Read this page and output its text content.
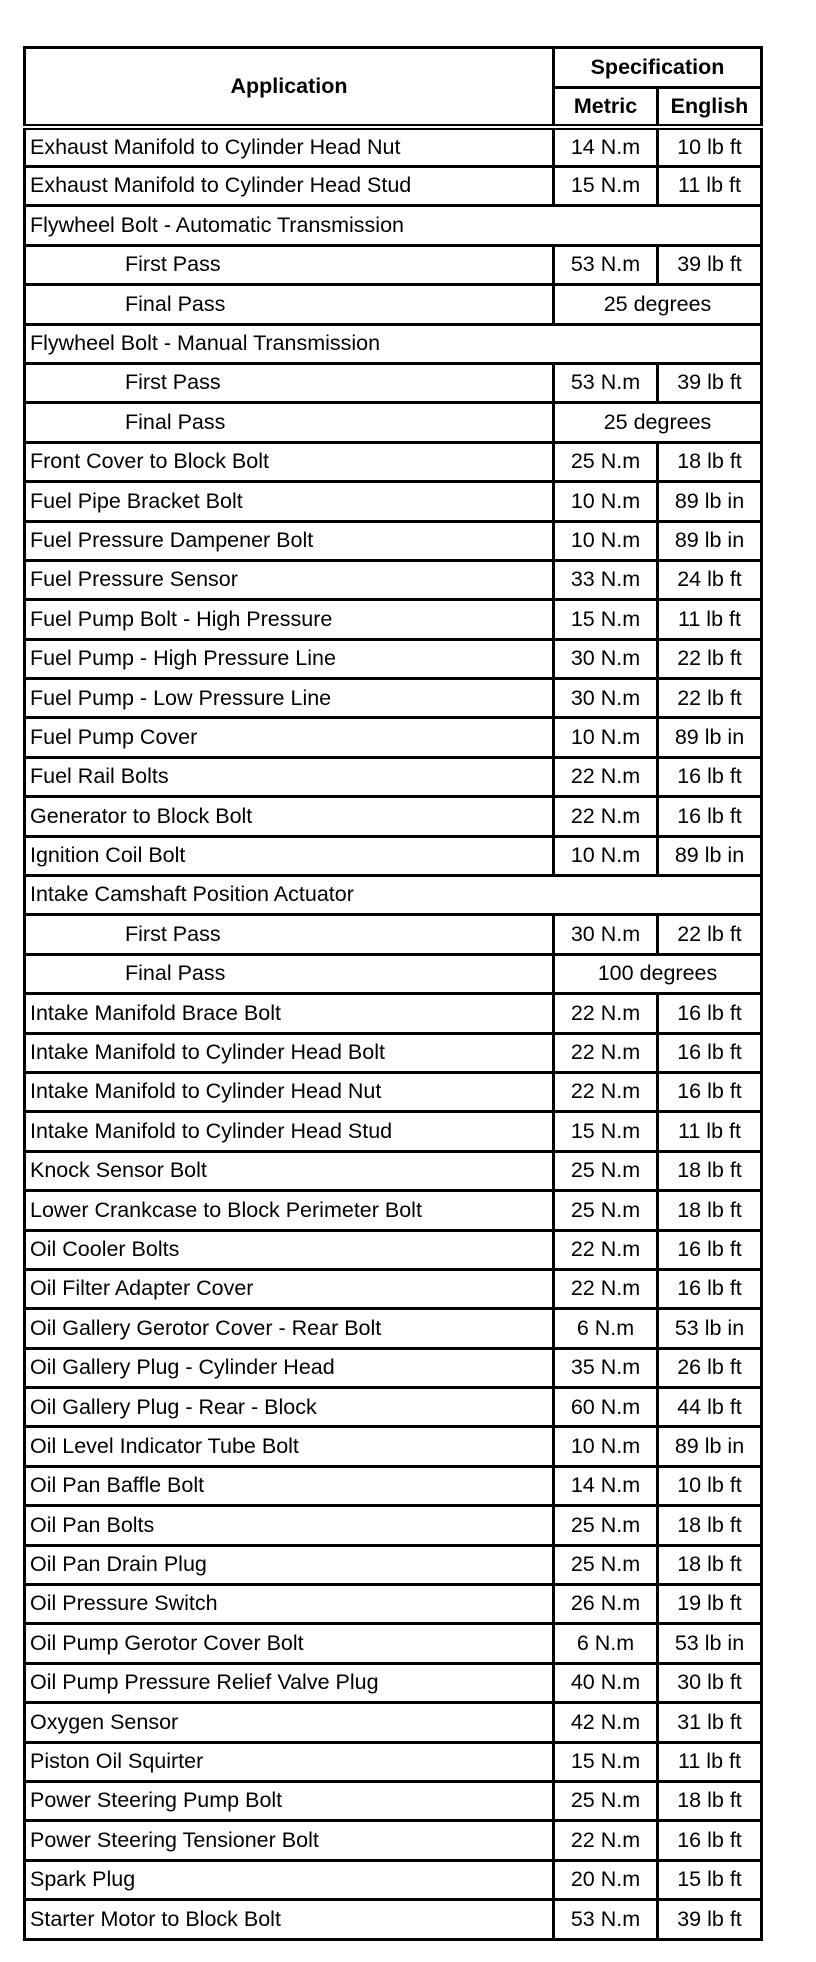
Application	Specification	
	Metric	English
Exhaust Manifold to Cylinder Head Nut	14 N.m	10 lb ft
Exhaust Manifold to Cylinder Head Stud	15 N.m	11 lb ft
Flywheel Bolt - Automatic Transmission		
First Pass	53 N.m	39 lb ft
Final Pass	25 degrees	
Flywheel Bolt - Manual Transmission		
First Pass	53 N.m	39 lb ft
Final Pass	25 degrees	
Front Cover to Block Bolt	25 N.m	18 lb ft
Fuel Pipe Bracket Bolt	10 N.m	89 lb in
Fuel Pressure Dampener Bolt	10 N.m	89 lb in
Fuel Pressure Sensor	33 N.m	24 lb ft
Fuel Pump Bolt - High Pressure	15 N.m	11 lb ft
Fuel Pump - High Pressure Line	30 N.m	22 lb ft
Fuel Pump - Low Pressure Line	30 N.m	22 lb ft
Fuel Pump Cover	10 N.m	89 lb in
Fuel Rail Bolts	22 N.m	16 lb ft
Generator to Block Bolt	22 N.m	16 lb ft
Ignition Coil Bolt	10 N.m	89 lb in
Intake Camshaft Position Actuator		
First Pass	30 N.m	22 lb ft
Final Pass	100 degrees	
Intake Manifold Brace Bolt	22 N.m	16 lb ft
Intake Manifold to Cylinder Head Bolt	22 N.m	16 lb ft
Intake Manifold to Cylinder Head Nut	22 N.m	16 lb ft
Intake Manifold to Cylinder Head Stud	15 N.m	11 lb ft
Knock Sensor Bolt	25 N.m	18 lb ft
Lower Crankcase to Block Perimeter Bolt	25 N.m	18 lb ft
Oil Cooler Bolts	22 N.m	16 lb ft
Oil Filter Adapter Cover	22 N.m	16 lb ft
Oil Gallery Gerotor Cover - Rear Bolt	6 N.m	53 lb in
Oil Gallery Plug - Cylinder Head	35 N.m	26 lb ft
Oil Gallery Plug - Rear - Block	60 N.m	44 lb ft
Oil Level Indicator Tube Bolt	10 N.m	89 lb in
Oil Pan Baffle Bolt	14 N.m	10 lb ft
Oil Pan Bolts	25 N.m	18 lb ft
Oil Pan Drain Plug	25 N.m	18 lb ft
Oil Pressure Switch	26 N.m	19 lb ft
Oil Pump Gerotor Cover Bolt	6 N.m	53 lb in
Oil Pump Pressure Relief Valve Plug	40 N.m	30 lb ft
Oxygen Sensor	42 N.m	31 lb ft
Piston Oil Squirter	15 N.m	11 lb ft
Power Steering Pump Bolt	25 N.m	18 lb ft
Power Steering Tensioner Bolt	22 N.m	16 lb ft
Spark Plug	20 N.m	15 lb ft
Starter Motor to Block Bolt	53 N.m	39 lb ft
